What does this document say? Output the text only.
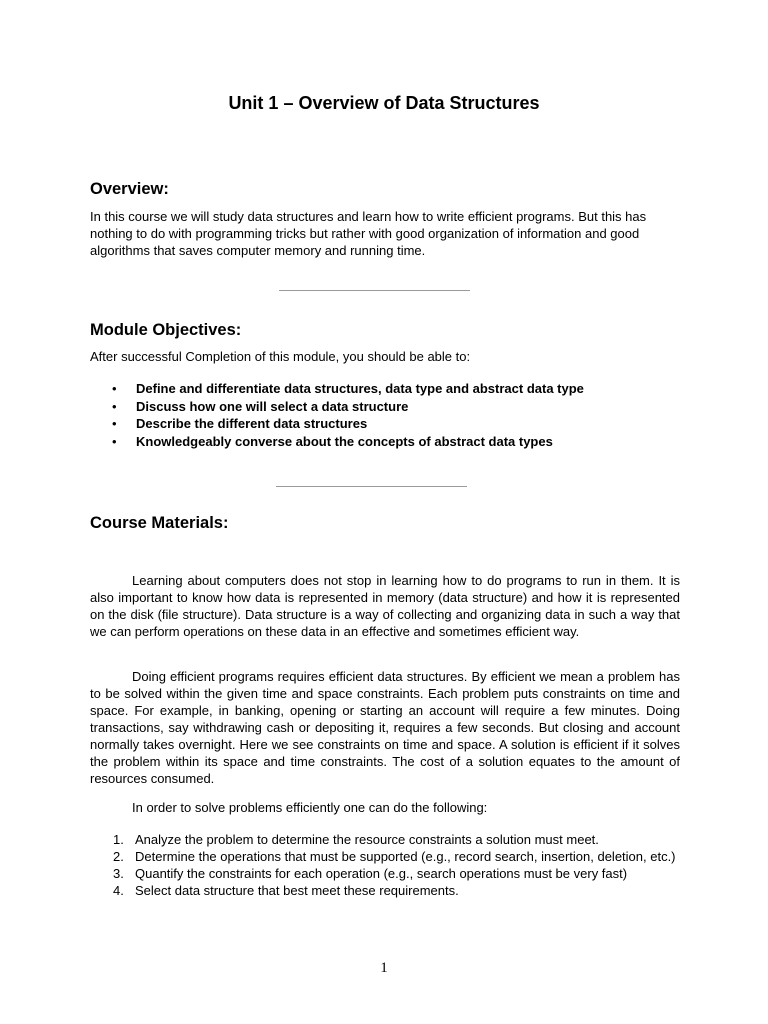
Unit 1 – Overview of Data Structures
Overview:
In this course we will study data structures and learn how to write efficient programs. But this has nothing to do with programming tricks but rather with good organization of information and good algorithms that saves computer memory and running time.
Module Objectives:
After successful Completion of this module, you should be able to:
• Define and differentiate data structures, data type and abstract data type
• Discuss how one will select a data structure
• Describe the different data structures
• Knowledgeably converse about the concepts of abstract data types
Course Materials:
Learning about computers does not stop in learning how to do programs to run in them. It is also important to know how data is represented in memory (data structure) and how it is represented on the disk (file structure). Data structure is a way of collecting and organizing data in such a way that we can perform operations on these data in an effective and sometimes efficient way.
Doing efficient programs requires efficient data structures. By efficient we mean a problem has to be solved within the given time and space constraints. Each problem puts constraints on time and space. For example, in banking, opening or starting an account will require a few minutes. Doing transactions, say withdrawing cash or depositing it, requires a few seconds. But closing and account normally takes overnight. Here we see constraints on time and space. A solution is efficient if it solves the problem within its space and time constraints. The cost of a solution equates to the amount of resources consumed.
In order to solve problems efficiently one can do the following:
1. Analyze the problem to determine the resource constraints a solution must meet.
2. Determine the operations that must be supported (e.g., record search, insertion, deletion, etc.)
3. Quantify the constraints for each operation (e.g., search operations must be very fast)
4. Select data structure that best meet these requirements.
1
